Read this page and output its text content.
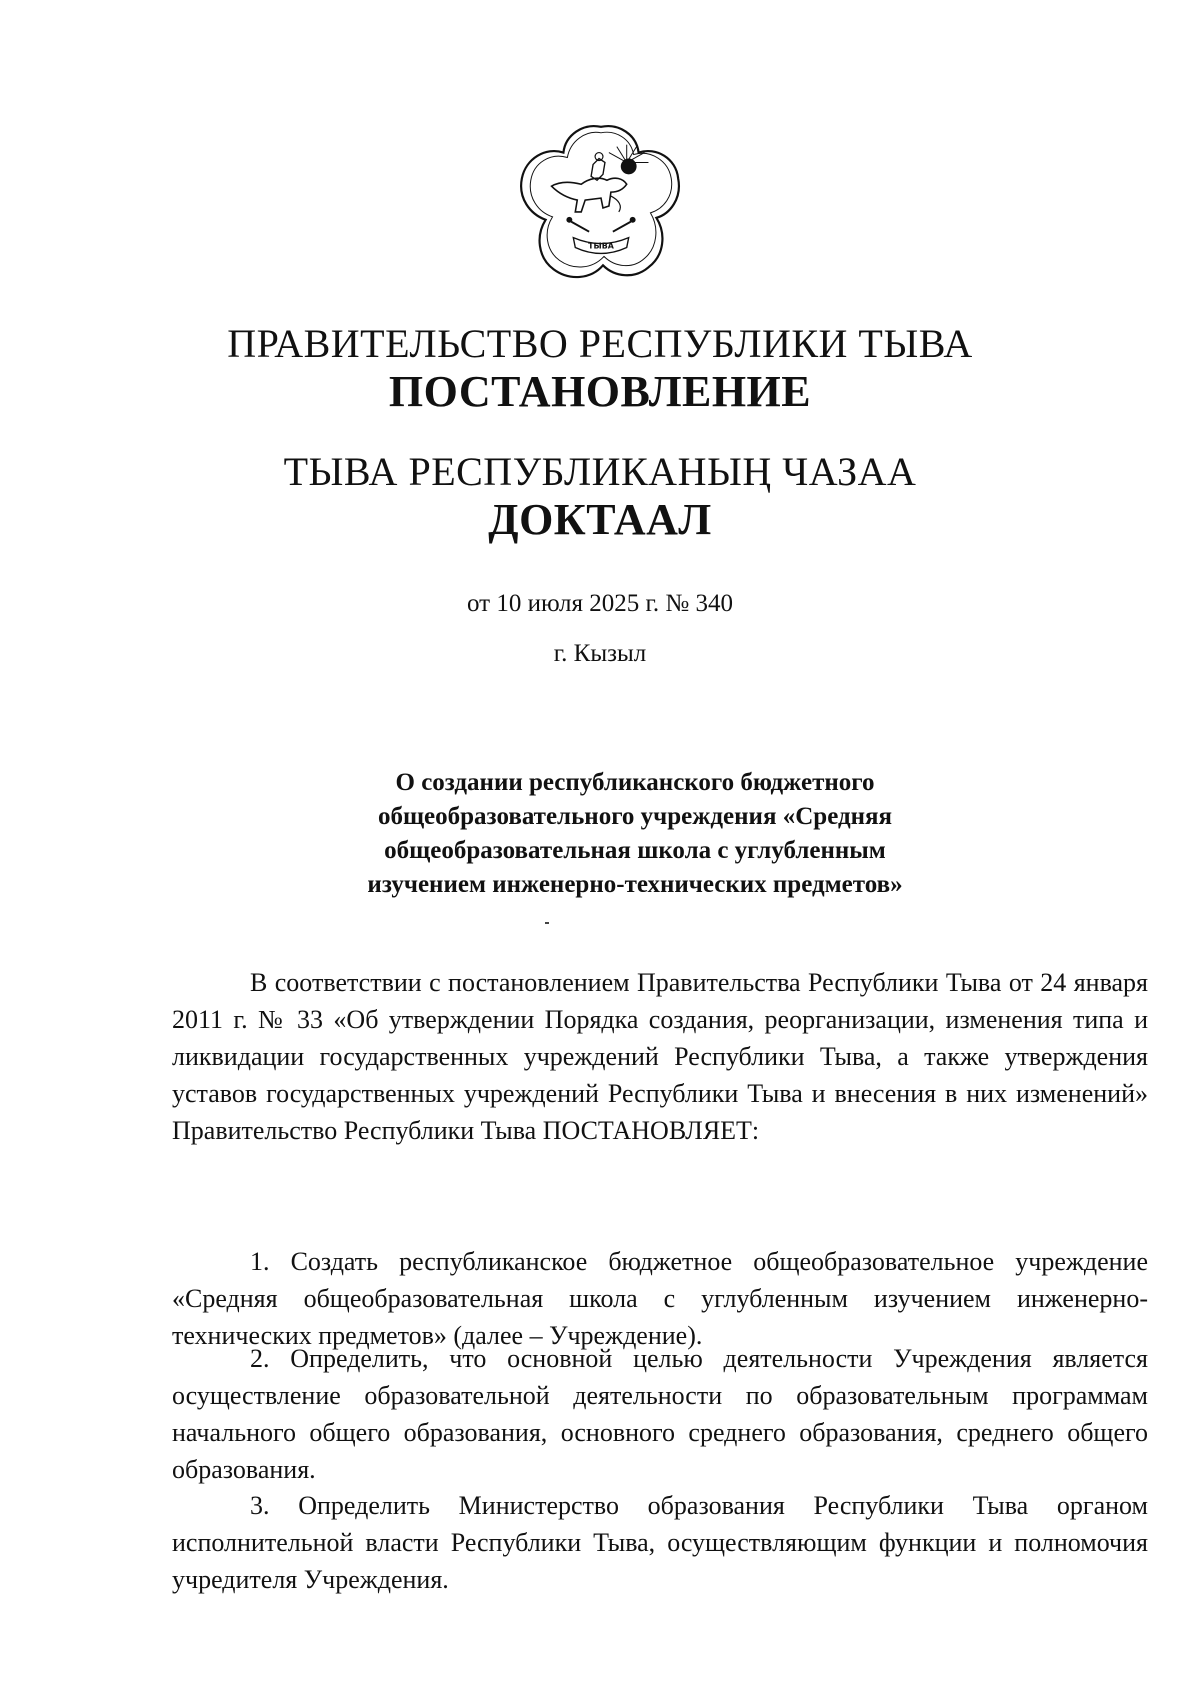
ТЫВА
ПРАВИТЕЛЬСТВО РЕСПУБЛИКИ ТЫВА
ПОСТАНОВЛЕНИЕ
ТЫВА РЕСПУБЛИКАНЫҢ ЧАЗАА
ДОКТААЛ
от 10 июля 2025 г. № 340
г. Кызыл
О создании республиканского бюджетного
общеобразовательного учреждения «Средняя
общеобразовательная школа с углубленным
изучением инженерно-технических предметов»

В соответствии с постановлением Правительства Республики Тыва от 24 января 2011 г. № 33 «Об утверждении Порядка создания, реорганизации, изменения типа и ликвидации государственных учреждений Республики Тыва, а также утверждения уставов государственных учреждений Республики Тыва и внесения в них изменений» Правительство Республики Тыва ПОСТАНОВЛЯЕТ:

1. Создать республиканское бюджетное общеобразовательное учреждение «Средняя общеобразовательная школа с углубленным изучением инженерно-технических предметов» (далее – Учреждение).

2. Определить, что основной целью деятельности Учреждения является осуществление образовательной деятельности по образовательным программам начального общего образования, основного среднего образования, среднего общего образования.

3. Определить Министерство образования Республики Тыва органом исполнительной власти Республики Тыва, осуществляющим функции и полномочия учредителя Учреждения.
